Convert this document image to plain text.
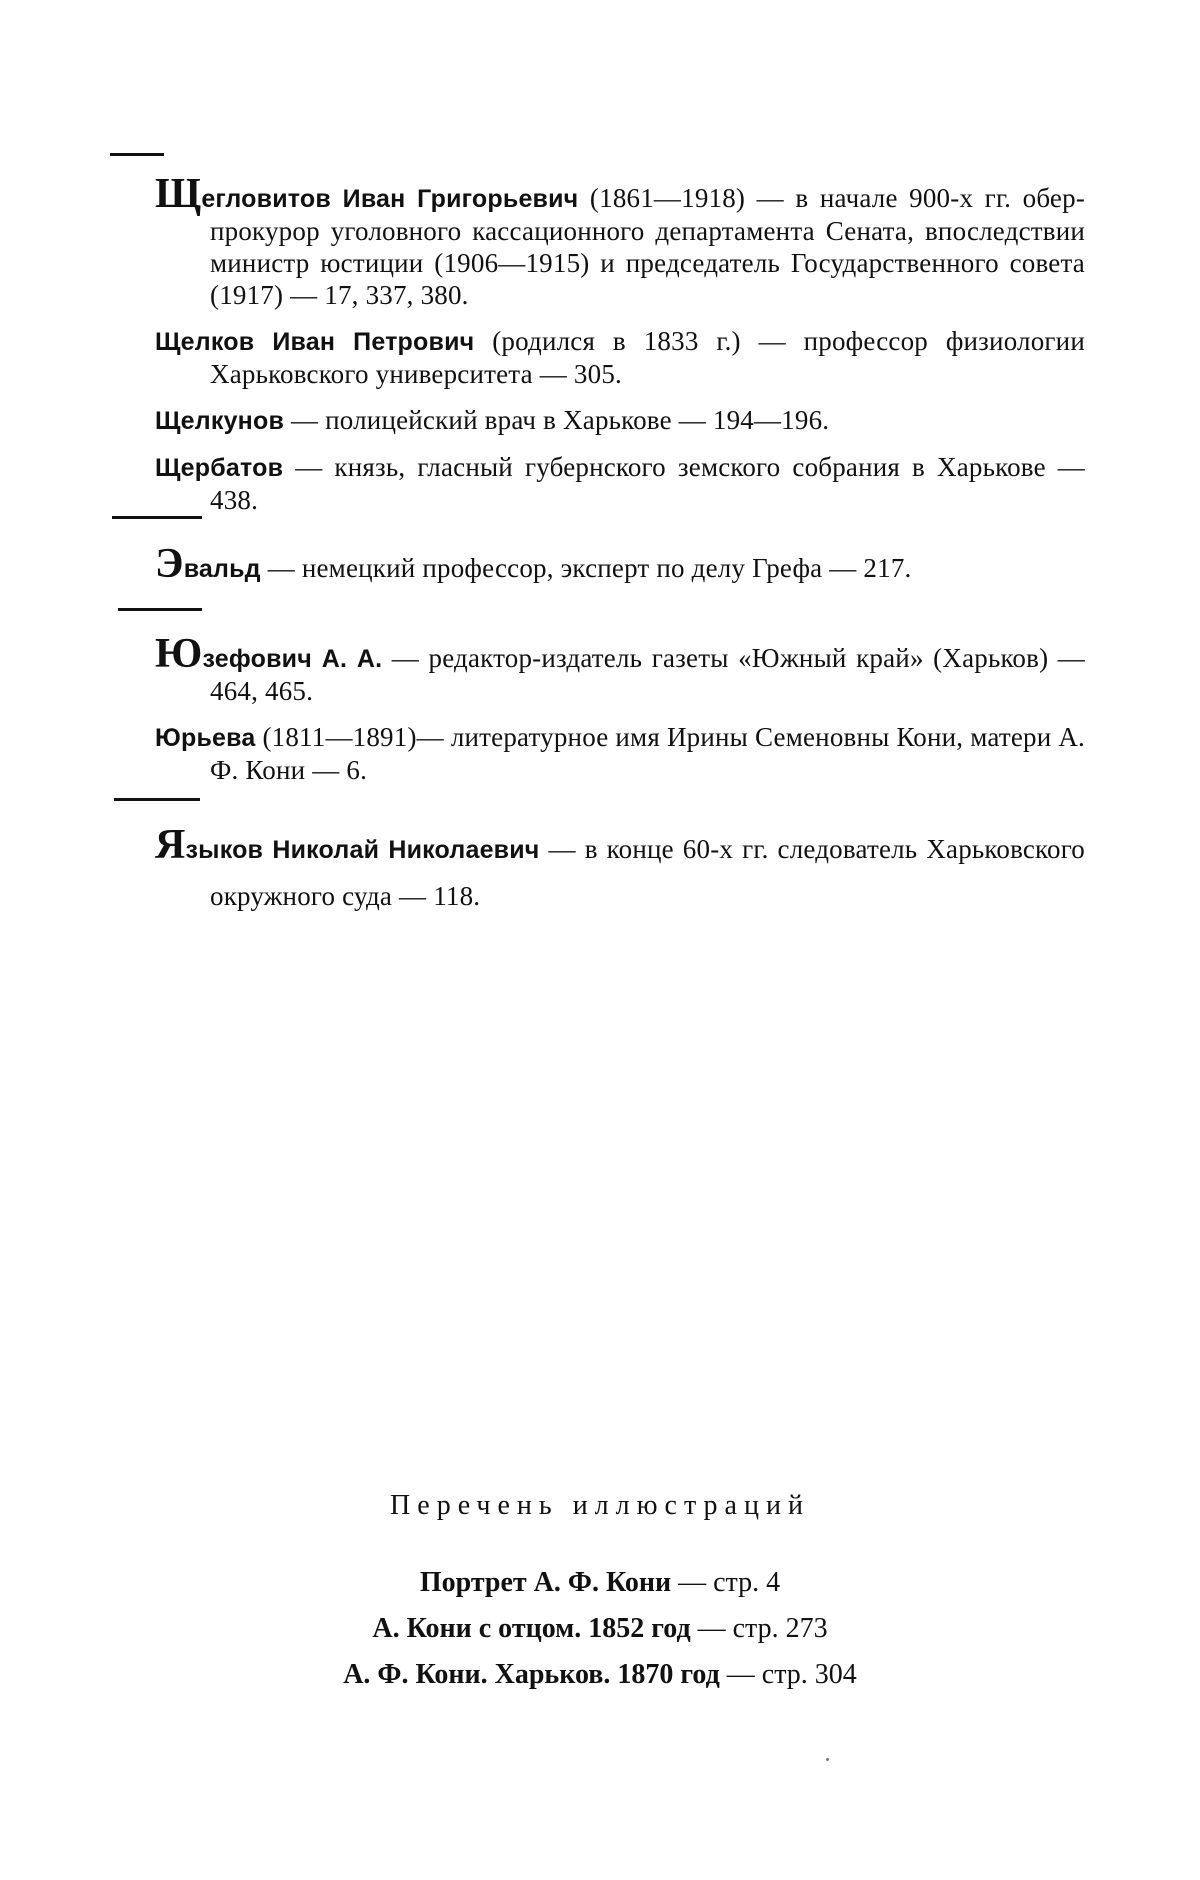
Щегловитов Иван Григорьевич (1861—1918) — в начале 900-х гг. обер-прокурор уголовного кассационного департамента Сената, впоследствии министр юстиции (1906—1915) и председатель Государственного совета (1917) — 17, 337, 380.

Щелков Иван Петрович (родился в 1833 г.) — профессор физиологии Харьковского университета — 305.

Щелкунов — полицейский врач в Харькове — 194—196.

Щербатов — князь, гласный губернского земского собрания в Харькове — 438.

Эвальд — немецкий профессор, эксперт по делу Грефа — 217.

Юзефович А. А. — редактор-издатель газеты «Южный край» (Харьков) — 464, 465.

Юрьева (1811—1891)— литературное имя Ирины Семеновны Кони, матери А. Ф. Кони — 6.

Языков Николай Николаевич — в конце 60-х гг. следователь Харьковского окружного суда — 118.

Перечень иллюстраций
Портрет А. Ф. Кони — стр. 4
А. Кони с отцом. 1852 год — стр. 273
А. Ф. Кони. Харьков. 1870 год — стр. 304
